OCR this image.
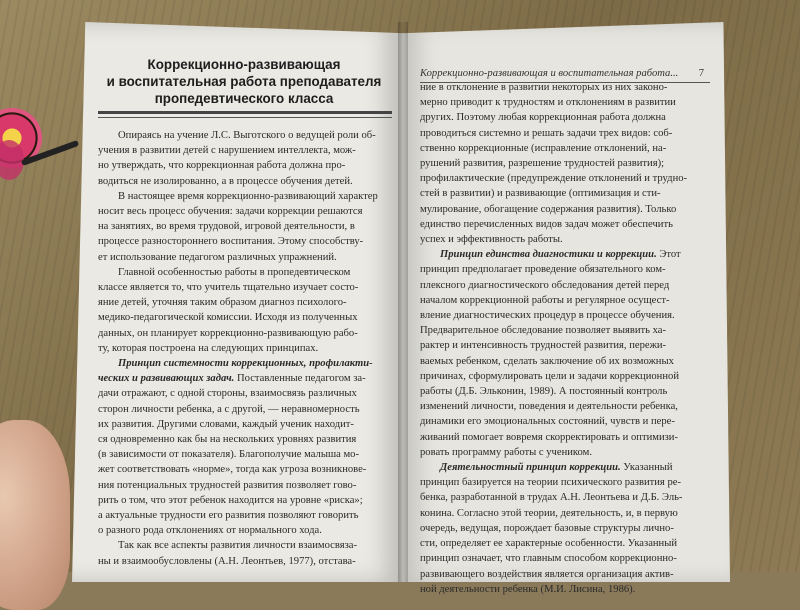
Коррекционно-развивающая
и воспитательная работа преподавателя
пропедевтического класса
Опираясь на учение Л.С. Выготского о ведущей роли об-
учения в развитии детей с нарушением интеллекта, мож-
но утверждать, что коррекционная работа должна про-
водиться не изолированно, а в процессе обучения детей.
В настоящее время коррекционно-развивающий характер
носит весь процесс обучения: задачи коррекции решаются
на занятиях, во время трудовой, игровой деятельности, в
процессе разностороннего воспитания. Этому способству-
ет использование педагогом различных упражнений.
Главной особенностью работы в пропедевтическом
классе является то, что учитель тщательно изучает состо-
яние детей, уточняя таким образом диагноз психолого-
медико-педагогической комиссии. Исходя из полученных
данных, он планирует коррекционно-развивающую рабо-
ту, которая построена на следующих принципах.
Принцип системности коррекционных, профилакти-
ческих и развивающих задач. Поставленные педагогом за-
дачи отражают, с одной стороны, взаимосвязь различных
сторон личности ребенка, а с другой, — неравномерность
их развития. Другими словами, каждый ученик находит-
ся одновременно как бы на нескольких уровнях развития
(в зависимости от показателя). Благополучие малыша мо-
жет соответствовать «норме», тогда как угроза возникнове-
ния потенциальных трудностей развития позволяет гово-
рить о том, что этот ребенок находится на уровне «риска»;
а актуальные трудности его развития позволяют говорить
о разного рода отклонениях от нормального хода.
Так как все аспекты развития личности взаимосвяза-
ны и взаимообусловлены (А.Н. Леонтьев, 1977), отстава-
Коррекционно-развивающая и воспитательная работа... 7
ние в отклонение в развитии некоторых из них законо-
мерно приводит к трудностям и отклонениям в развитии
других. Поэтому любая коррекционная работа должна
проводиться системно и решать задачи трех видов: соб-
ственно коррекционные (исправление отклонений, на-
рушений развития, разрешение трудностей развития);
профилактические (предупреждение отклонений и трудно-
стей в развитии) и развивающие (оптимизация и сти-
мулирование, обогащение содержания развития). Только
единство перечисленных видов задач может обеспечить
успех и эффективность работы.
Принцип единства диагностики и коррекции. Этот
принцип предполагает проведение обязательного ком-
плексного диагностического обследования детей перед
началом коррекционной работы и регулярное осущест-
вление диагностических процедур в процессе обучения.
Предварительное обследование позволяет выявить ха-
рактер и интенсивность трудностей развития, пережи-
ваемых ребенком, сделать заключение об их возможных
причинах, сформулировать цели и задачи коррекционной
работы (Д.Б. Эльконин, 1989). А постоянный контроль
изменений личности, поведения и деятельности ребенка,
динамики его эмоциональных состояний, чувств и пере-
живаний помогает вовремя скорректировать и оптимизи-
ровать программу работы с учеником.
Деятельностный принцип коррекции. Указанный
принцип базируется на теории психического развития ре-
бенка, разработанной в трудах А.Н. Леонтьева и Д.Б. Эль-
конина. Согласно этой теории, деятельность, и, в первую
очередь, ведущая, порождает базовые структуры лично-
сти, определяет ее характерные особенности. Указанный
принцип означает, что главным способом коррекционно-
развивающего воздействия является организация актив-
ной деятельности ребенка (М.И. Лисина, 1986).
